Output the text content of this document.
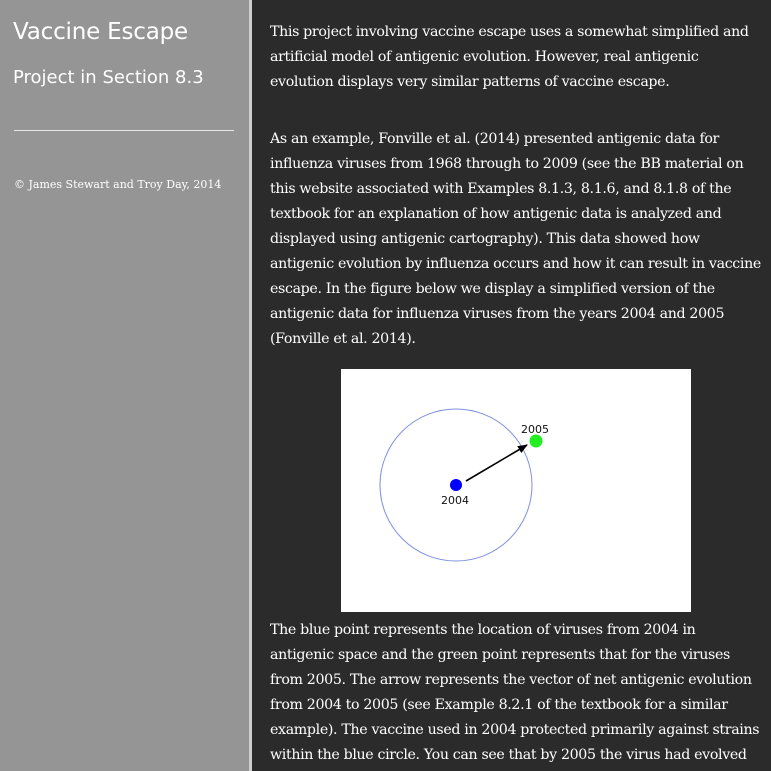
Vaccine Escape
Project in Section 8.3
© James Stewart and Troy Day, 2014

This project involving vaccine escape uses a somewhat simplified and artificial model of antigenic evolution. However, real antigenic evolution displays very similar patterns of vaccine escape.

As an example, Fonville et al. (2014) presented antigenic data for influenza viruses from 1968 through to 2009 (see the BB material on this website associated with Examples 8.1.3, 8.1.6, and 8.1.8 of the textbook for an explanation of how antigenic data is analyzed and displayed using antigenic cartography). This data showed how antigenic evolution by influenza occurs and how it can result in vaccine escape. In the figure below we display a simplified version of the antigenic data for influenza viruses from the years 2004 and 2005 (Fonville et al. 2014).

2004
2005

The blue point represents the location of viruses from 2004 in antigenic space and the green point represents that for the viruses from 2005. The arrow represents the vector of net antigenic evolution from 2004 to 2005 (see Example 8.2.1 of the textbook for a similar example). The vaccine used in 2004 protected primarily against strains within the blue circle. You can see that by 2005 the virus had evolved
